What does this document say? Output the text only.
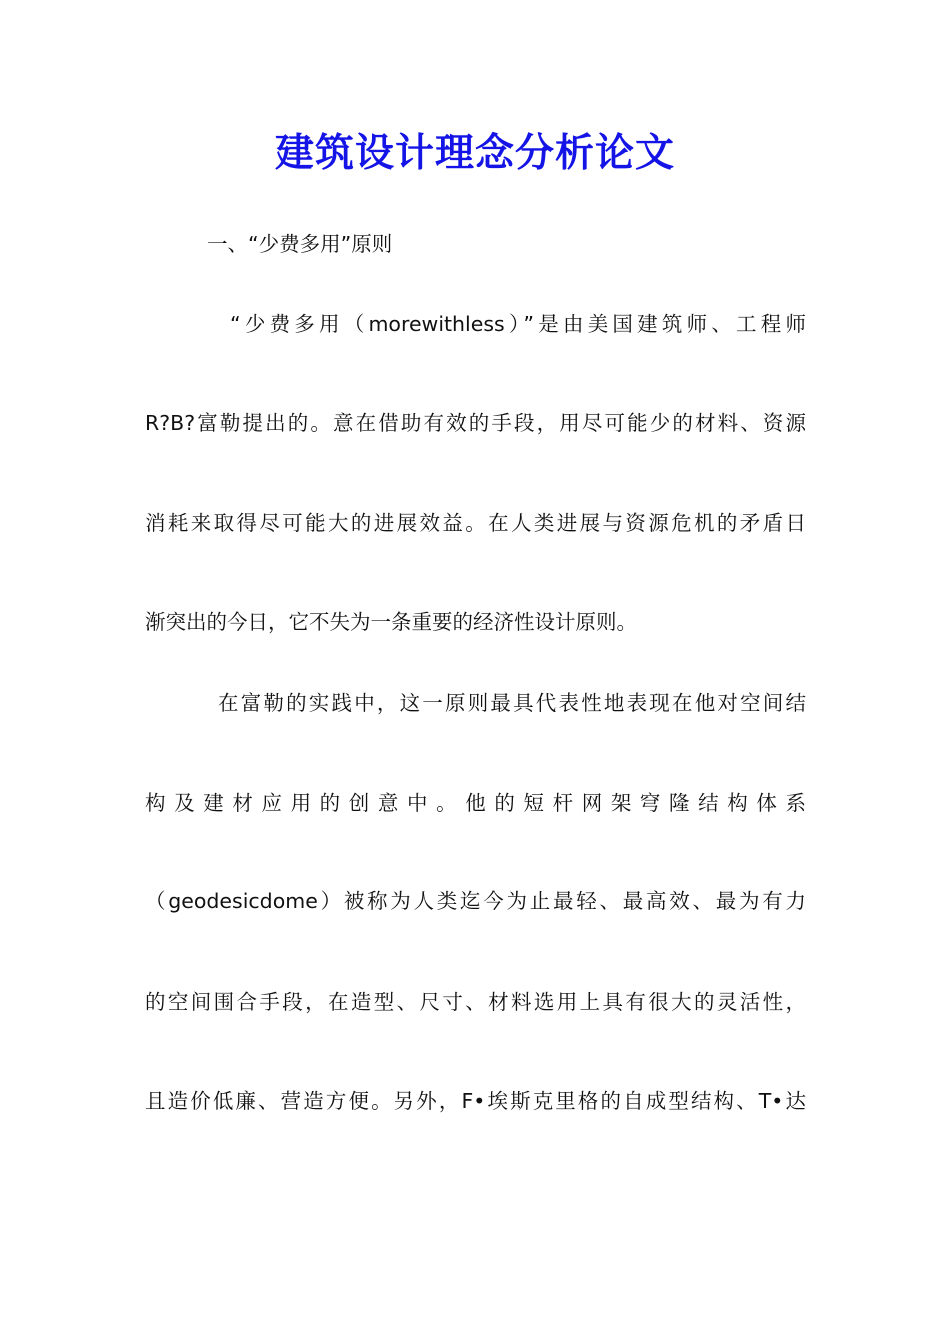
建筑设计理念分析论文
一、“少费多用”原则
“少费多用（morewithless）”是由美国建筑师、工程师
R?B?富勒提出的。意在借助有效的手段，用尽可能少的材料、资源
消耗来取得尽可能大的进展效益。在人类进展与资源危机的矛盾日
渐突出的今日，它不失为一条重要的经济性设计原则。
在富勒的实践中，这一原则最具代表性地表现在他对空间结
构及建材应用的创意中。他的短杆网架穹隆结构体系
（geodesicdome）被称为人类迄今为止最轻、最高效、最为有力
的空间围合手段，在造型、尺寸、材料选用上具有很大的灵活性，
且造价低廉、营造方便。另外，F•埃斯克里格的自成型结构、T•达
